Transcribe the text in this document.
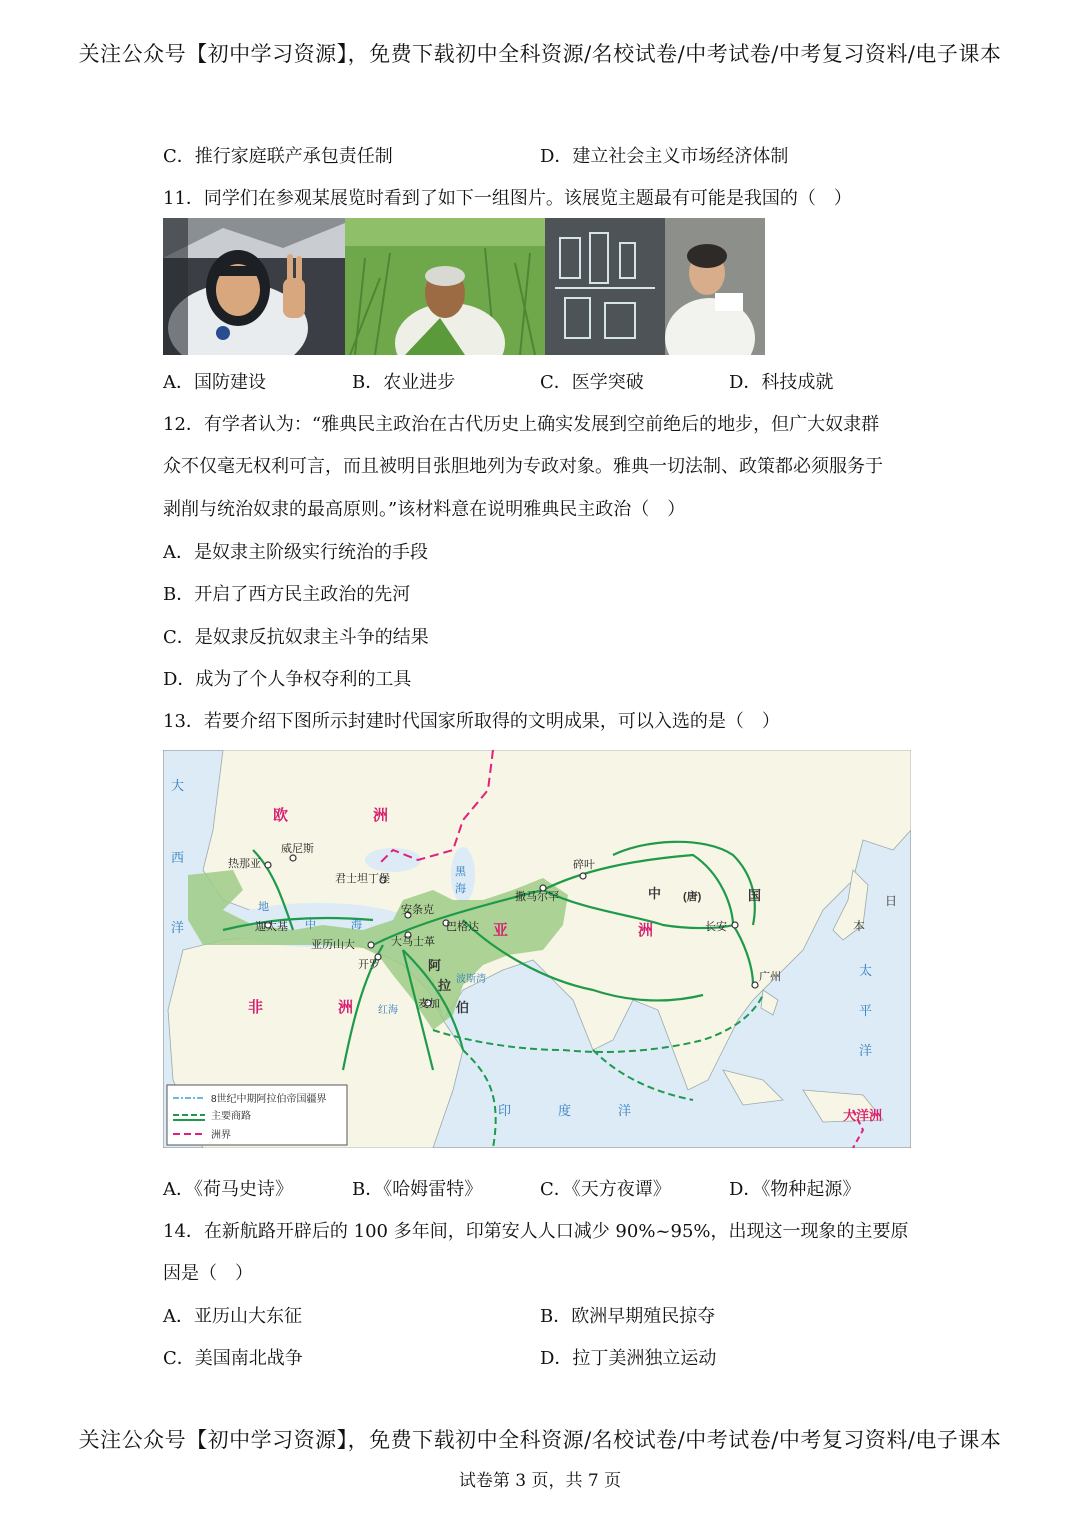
关注公众号【初中学习资源】，免费下载初中全科资源/名校试卷/中考试卷/中考复习资料/电子课本
C．推行家庭联产承包责任制	D．建立社会主义市场经济体制
11．同学们在参观某展览时看到了如下一组图片。该展览主题最有可能是我国的（　）
A．国防建设	B．农业进步	C．医学突破	D．科技成就
12．有学者认为：“雅典民主政治在古代历史上确实发展到空前绝后的地步，但广大奴隶群
众不仅毫无权利可言，而且被明目张胆地列为专政对象。雅典一切法制、政策都必须服务于
剥削与统治奴隶的最高原则。”该材料意在说明雅典民主政治（　）
A．是奴隶主阶级实行统治的手段
B．开启了西方民主政治的先河
C．是奴隶反抗奴隶主斗争的结果
D．成为了个人争权夺利的工具
13．若要介绍下图所示封建时代国家所取得的文明成果，可以入选的是（　）
欧	洲
亚	洲
非	洲
大洋洲
中 (唐)	国
阿
拉
伯
印	度	洋
太
平
洋
大
西
洋
地
中	海
黑
海
红海
波斯湾
日
本
热那亚
威尼斯
君士坦丁堡
安条克
巴格达
迦太基
亚历山大	大马士革
开罗
麦加
撒马尔罕
碎叶
长安
广州
8世纪中期阿拉伯帝国疆界
主要商路
洲界
A．《荷马史诗》	B．《哈姆雷特》	C．《天方夜谭》	D．《物种起源》
14．在新航路开辟后的 100 多年间，印第安人人口减少 90%~95%，出现这一现象的主要原
因是（　）
A．亚历山大东征	B．欧洲早期殖民掠夺
C．美国南北战争	D．拉丁美洲独立运动
关注公众号【初中学习资源】，免费下载初中全科资源/名校试卷/中考试卷/中考复习资料/电子课本
试卷第 3 页，共 7 页
